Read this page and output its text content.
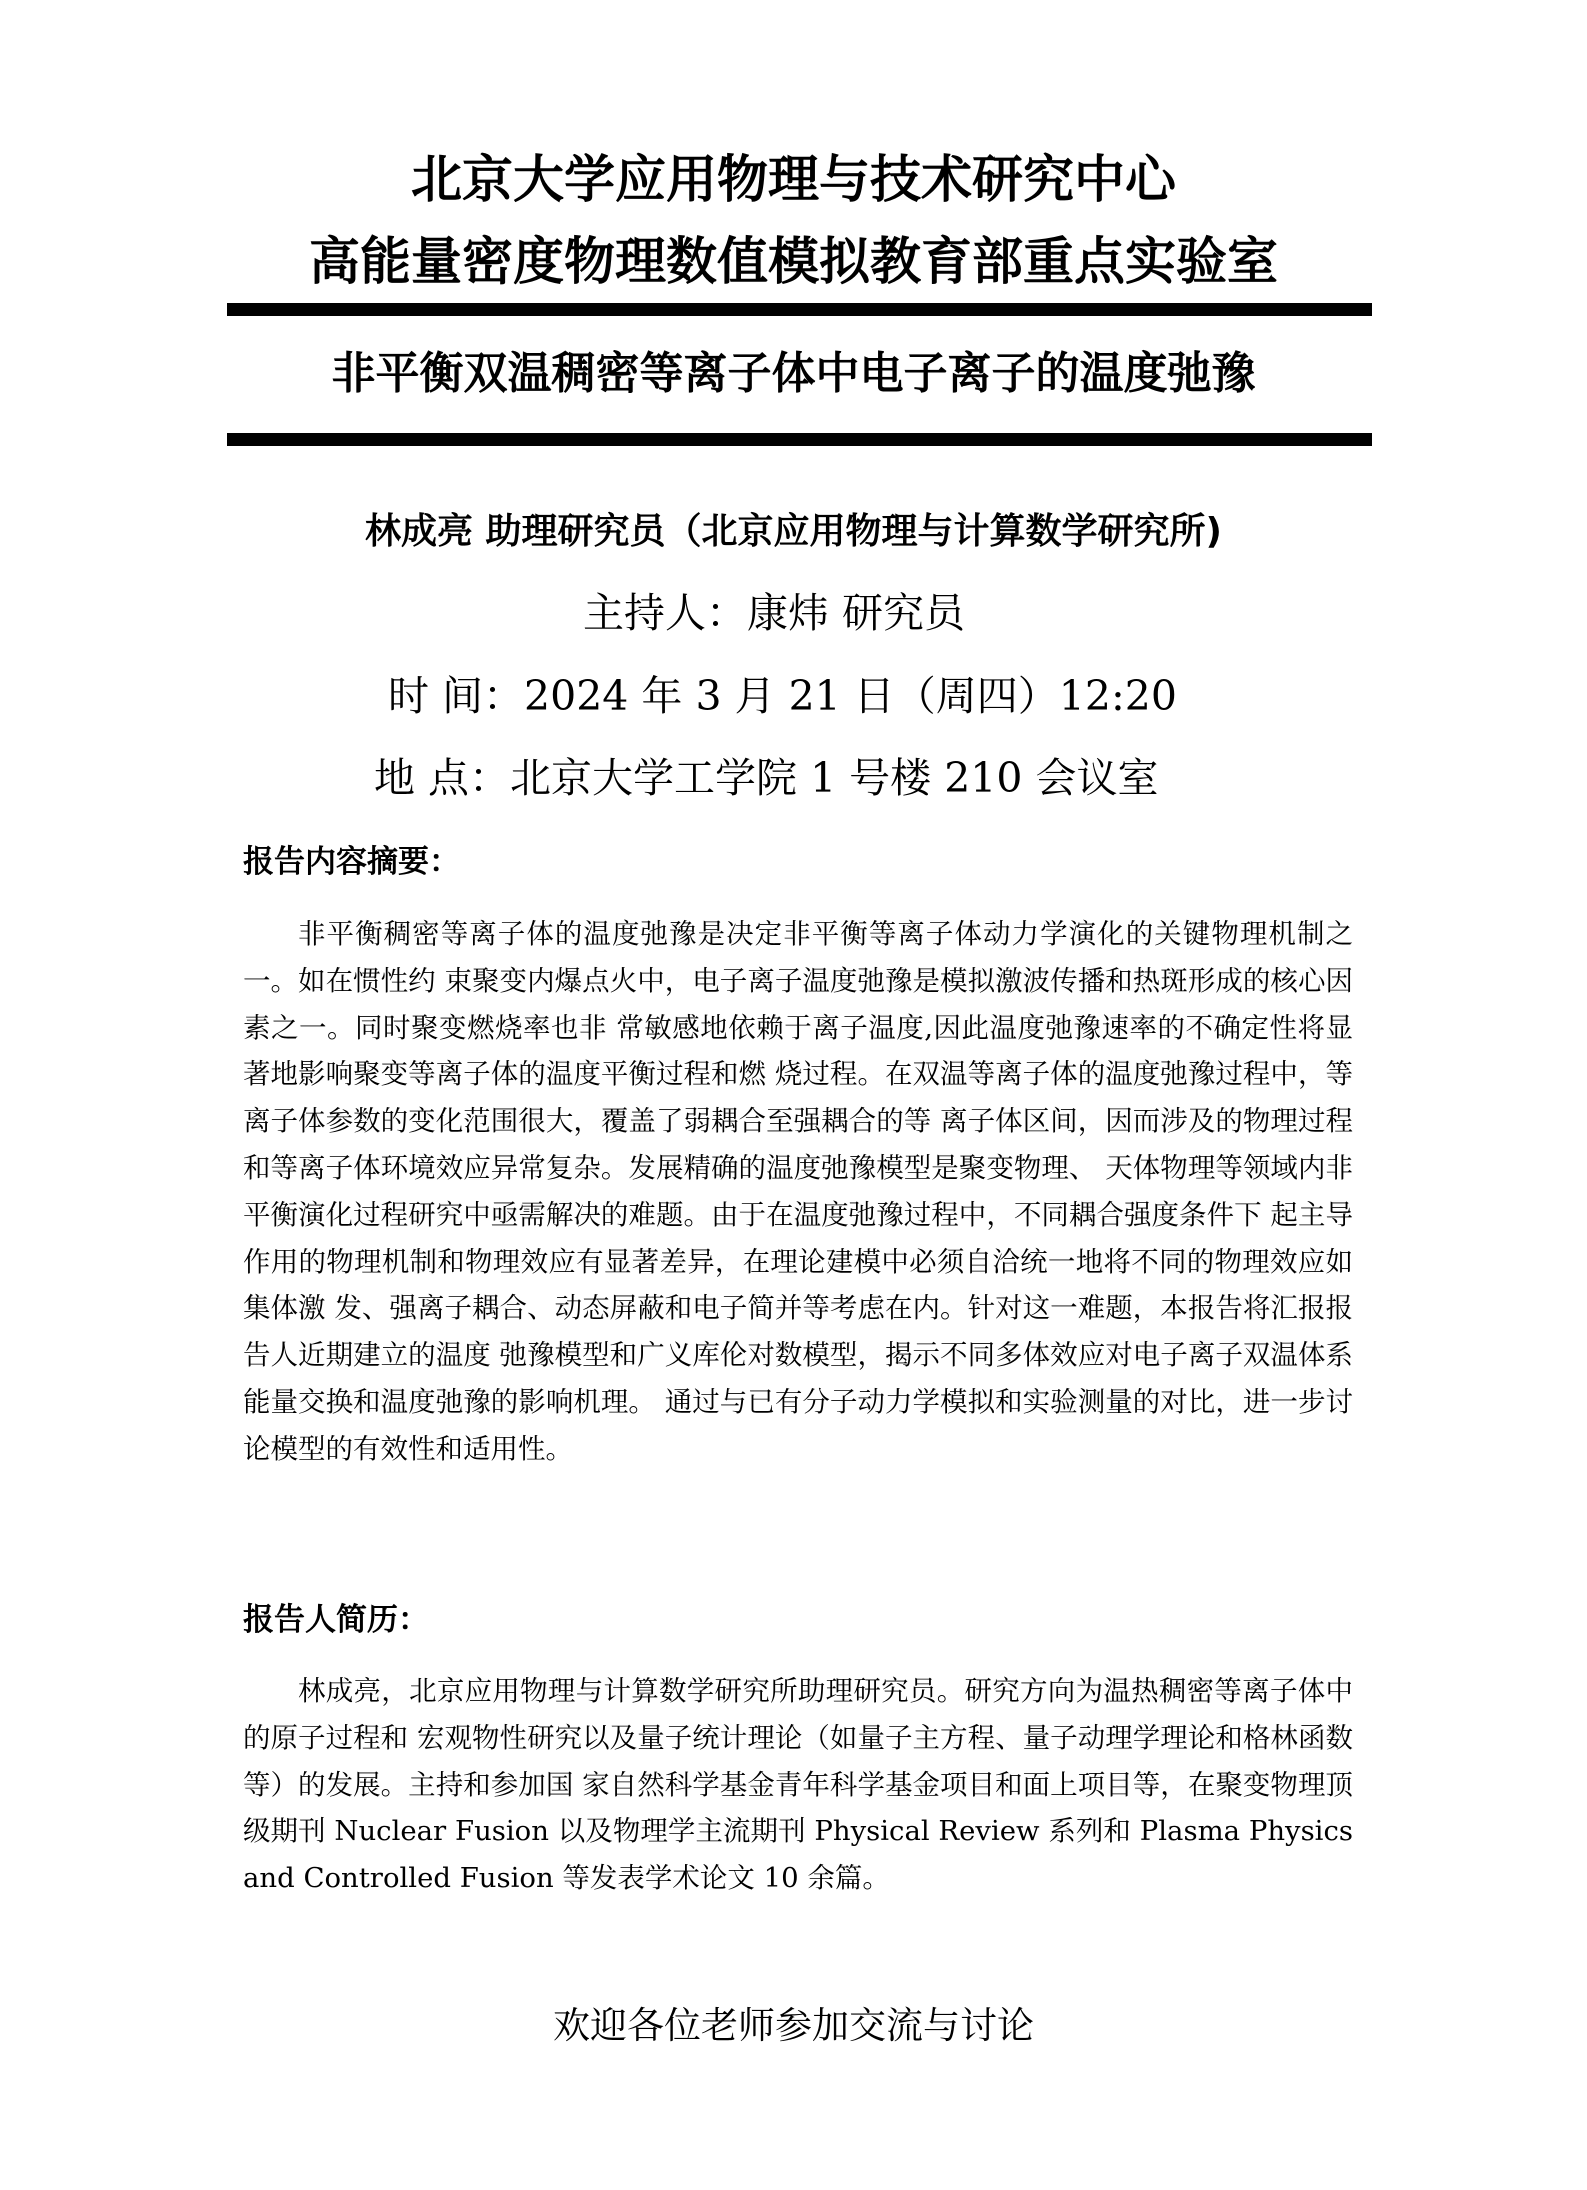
北京大学应用物理与技术研究中心
高能量密度物理数值模拟教育部重点实验室
非平衡双温稠密等离子体中电子离子的温度弛豫
林成亮 助理研究员（北京应用物理与计算数学研究所)
主持人：康炜 研究员
时 间：2024 年 3 月 21 日（周四）12:20
地 点：北京大学工学院 1 号楼 210 会议室
报告内容摘要：

非平衡稠密等离子体的温度弛豫是决定非平衡等离子体动力学演化的关键物理机制之一。如在惯性约 束聚变内爆点火中，电子离子温度弛豫是模拟激波传播和热斑形成的核心因素之一。同时聚变燃烧率也非 常敏感地依赖于离子温度,因此温度弛豫速率的不确定性将显著地影响聚变等离子体的温度平衡过程和燃 烧过程。在双温等离子体的温度弛豫过程中，等离子体参数的变化范围很大，覆盖了弱耦合至强耦合的等 离子体区间，因而涉及的物理过程和等离子体环境效应异常复杂。发展精确的温度弛豫模型是聚变物理、 天体物理等领域内非平衡演化过程研究中亟需解决的难题。由于在温度弛豫过程中，不同耦合强度条件下 起主导作用的物理机制和物理效应有显著差异，在理论建模中必须自洽统一地将不同的物理效应如集体激 发、强离子耦合、动态屏蔽和电子简并等考虑在内。针对这一难题，本报告将汇报报告人近期建立的温度 弛豫模型和广义库伦对数模型，揭示不同多体效应对电子离子双温体系能量交换和温度弛豫的影响机理。 通过与已有分子动力学模拟和实验测量的对比，进一步讨论模型的有效性和适用性。

报告人简历：

林成亮，北京应用物理与计算数学研究所助理研究员。研究方向为温热稠密等离子体中的原子过程和 宏观物性研究以及量子统计理论（如量子主方程、量子动理学理论和格林函数等）的发展。主持和参加国 家自然科学基金青年科学基金项目和面上项目等，在聚变物理顶级期刊 Nuclear Fusion 以及物理学主流期刊 Physical Review 系列和 Plasma Physics and Controlled Fusion 等发表学术论文 10 余篇。

欢迎各位老师参加交流与讨论
